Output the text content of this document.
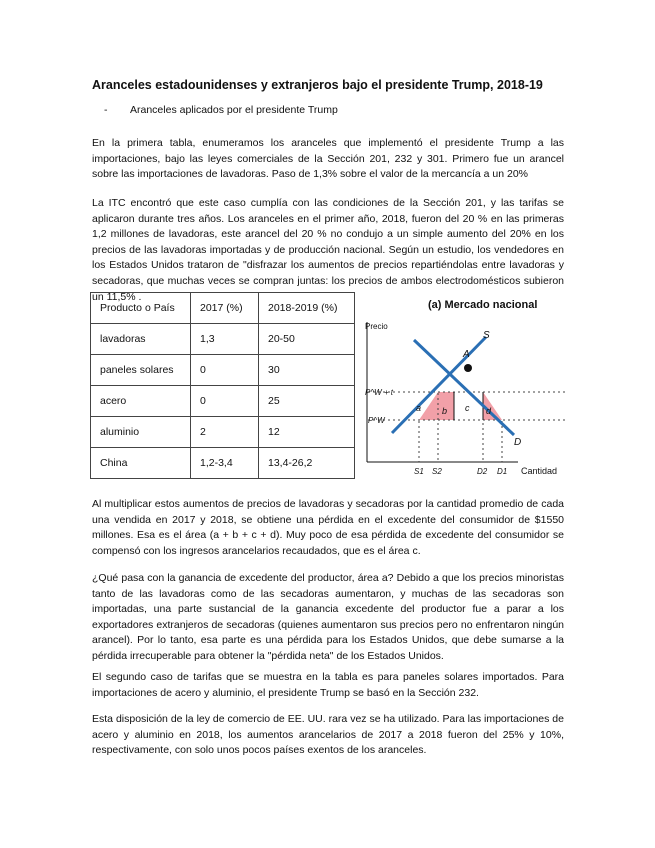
Aranceles estadounidenses y extranjeros bajo el presidente Trump, 2018-19
- Aranceles aplicados por el presidente Trump

En la primera tabla, enumeramos los aranceles que implementó el presidente Trump a las importaciones, bajo las leyes comerciales de la Sección 201, 232 y 301. Primero fue un arancel sobre las importaciones de lavadoras. Paso de 1,3% sobre el valor de la mercancía a un 20%

La ITC encontró que este caso cumplía con las condiciones de la Sección 201, y las tarifas se aplicaron durante tres años. Los aranceles en el primer año, 2018, fueron del 20 % en las primeras 1,2 millones de lavadoras, este arancel del 20 % no condujo a un simple aumento del 20% en los precios de las lavadoras importadas y de producción nacional. Según un estudio, los vendedores en los Estados Unidos trataron de "disfrazar los aumentos de precios repartiéndolas entre lavadoras y secadoras, que muchas veces se compran juntas: los precios de ambos electrodomésticos subieron un 11,5% .

Producto o País	2017 (%)	2018-2019 (%)
lavadoras	1,3	20-50
paneles solares	0	30
acero	0	25
aluminio	2	12
China	1,2-3,4	13,4-26,2
(a) Mercado nacional
Precio
Cantidad
S
D
A
P^W + t
P^W
a b c d
S1 S2	D2 D1

Al multiplicar estos aumentos de precios de lavadoras y secadoras por la cantidad promedio de cada una vendida en 2017 y 2018, se obtiene una pérdida en el excedente del consumidor de $1550 millones. Esa es el área (a + b + c + d). Muy poco de esa pérdida de excedente del consumidor se compensó con los ingresos arancelarios recaudados, que es el área c.

¿Qué pasa con la ganancia de excedente del productor, área a? Debido a que los precios minoristas tanto de las lavadoras como de las secadoras aumentaron, y muchas de las secadoras son importadas, una parte sustancial de la ganancia excedente del productor fue a parar a los exportadores extranjeros de secadoras (quienes aumentaron sus precios pero no enfrentaron ningún arancel). Por lo tanto, esa parte es una pérdida para los Estados Unidos, que debe sumarse a la pérdida irrecuperable para obtener la "pérdida neta" de los Estados Unidos.

El segundo caso de tarifas que se muestra en la tabla es para paneles solares importados. Para importaciones de acero y aluminio, el presidente Trump se basó en la Sección 232.

Esta disposición de la ley de comercio de EE. UU. rara vez se ha utilizado. Para las importaciones de acero y aluminio en 2018, los aumentos arancelarios de 2017 a 2018 fueron del 25% y 10%, respectivamente, con solo unos pocos países exentos de los aranceles.
